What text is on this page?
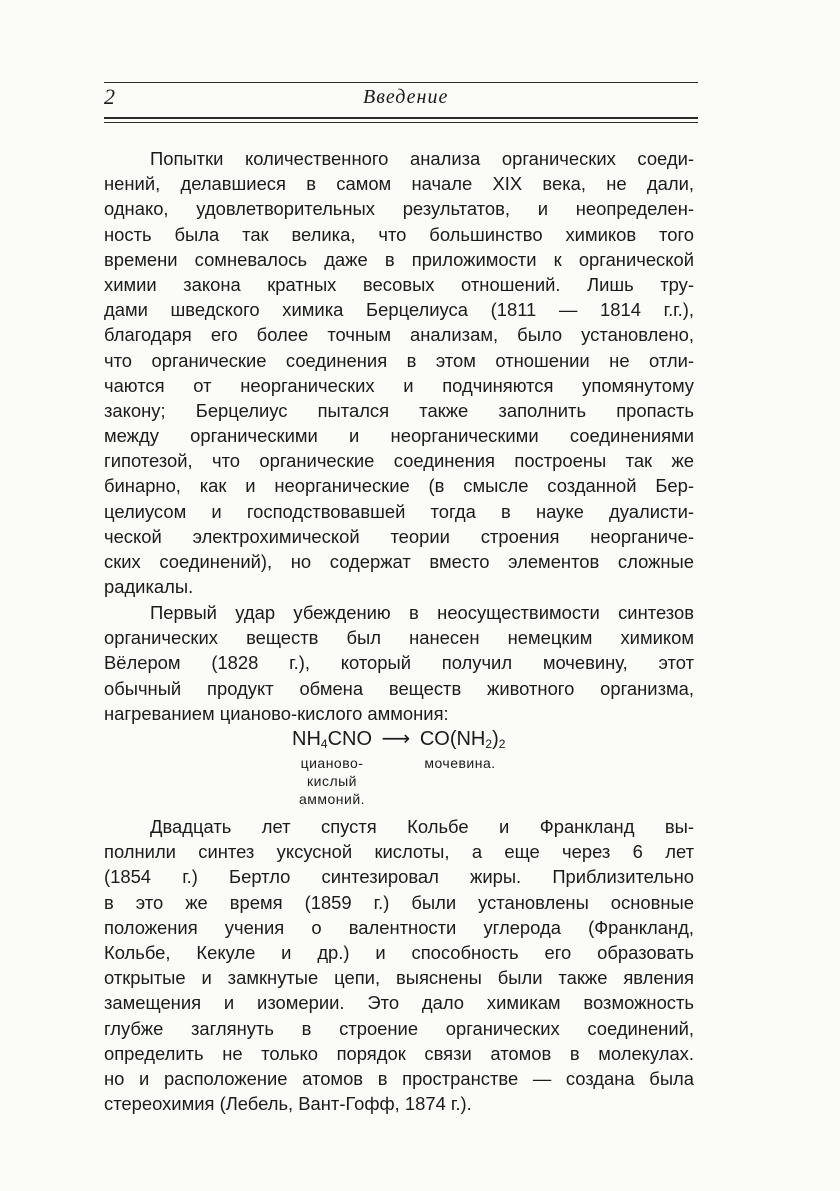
2	Введение
Попытки количественного анализа органических соеди-
нений, делавшиеся в самом начале XIX века, не дали,
однако, удовлетворительных результатов, и неопределен-
ность была так велика, что большинство химиков того
времени сомневалось даже в приложимости к органической
химии закона кратных весовых отношений. Лишь тру-
дами шведского химика Берцелиуса (1811 — 1814 г.г.),
благодаря его более точным анализам, было установлено,
что органические соединения в этом отношении не отли-
чаются от неорганических и подчиняются упомянутому
закону; Берцелиус пытался также заполнить пропасть
между органическими и неорганическими соединениями
гипотезой, что органические соединения построены так же
бинарно, как и неорганические (в смысле созданной Бер-
целиусом и господствовавшей тогда в науке дуалисти-
ческой электрохимической теории строения неорганиче-
ских соединений), но содержат вместо элементов сложные
радикалы.
Первый удар убеждению в неосуществимости синтезов
органических веществ был нанесен немецким химиком
Вёлером (1828 г.), который получил мочевину, этот
обычный продукт обмена веществ животного организма,
нагреванием цианово-кислого аммония:
$NH_4CNO$ ⟶ $CO(NH_2)_2$
цианово-
кислый
аммоний.
мочевина.
Двадцать лет спустя Кольбе и Франкланд вы-
полнили синтез уксусной кислоты, а еще через 6 лет
(1854 г.) Бертло синтезировал жиры. Приблизительно
в это же время (1859 г.) были установлены основные
положения учения о валентности углерода (Франкланд,
Кольбе, Кекуле и др.) и способность его образовать
открытые и замкнутые цепи, выяснены были также явления
замещения и изомерии. Это дало химикам возможность
глубже заглянуть в строение органических соединений,
определить не только порядок связи атомов в молекулах.
но и расположение атомов в пространстве — создана была
стереохимия (Лебель, Вант-Гофф, 1874 г.).
